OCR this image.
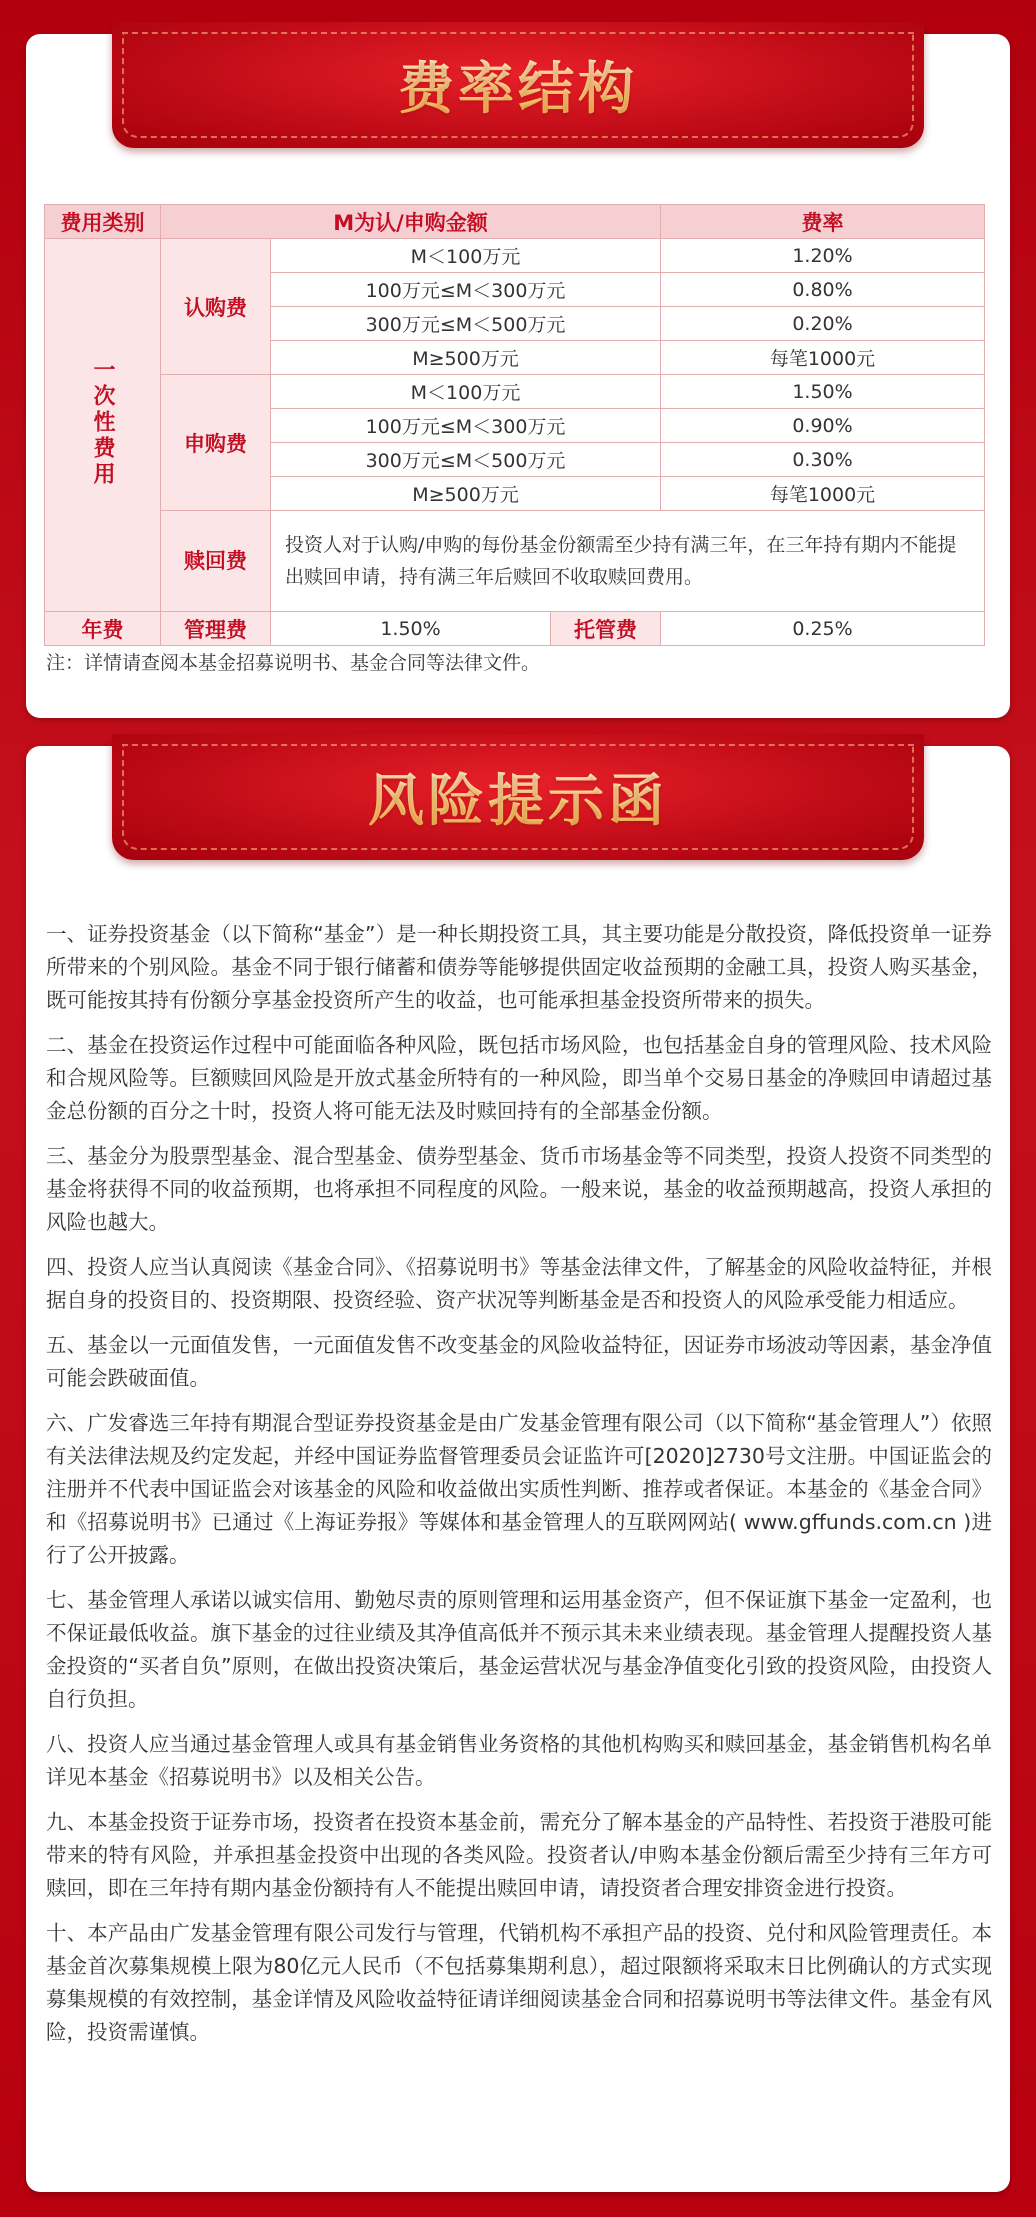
费率结构
费用类别	M为认/申购金额			费率
一次性费用	认购费	M＜100万元		1.20%
		100万元≤M＜300万元		0.80%
		300万元≤M＜500万元		0.20%
		M≥500万元		每笔1000元
	申购费	M＜100万元		1.50%
		100万元≤M＜300万元		0.90%
		300万元≤M＜500万元		0.30%
		M≥500万元		每笔1000元
	赎回费	投资人对于认购/申购的每份基金份额需至少持有满三年，在三年持有期内不能提出赎回申请，持有满三年后赎回不收取赎回费用。		
年费	管理费	1.50%	托管费	0.25%
注：详情请查阅本基金招募说明书、基金合同等法律文件。
风险提示函

一、证券投资基金（以下简称“基金”）是一种长期投资工具，其主要功能是分散投资，降低投资单一证券所带来的个别风险。基金不同于银行储蓄和债券等能够提供固定收益预期的金融工具，投资人购买基金，既可能按其持有份额分享基金投资所产生的收益，也可能承担基金投资所带来的损失。

二、基金在投资运作过程中可能面临各种风险，既包括市场风险，也包括基金自身的管理风险、技术风险和合规风险等。巨额赎回风险是开放式基金所特有的一种风险，即当单个交易日基金的净赎回申请超过基金总份额的百分之十时，投资人将可能无法及时赎回持有的全部基金份额。

三、基金分为股票型基金、混合型基金、债券型基金、货币市场基金等不同类型，投资人投资不同类型的基金将获得不同的收益预期，也将承担不同程度的风险。一般来说，基金的收益预期越高，投资人承担的风险也越大。

四、投资人应当认真阅读《基金合同》、《招募说明书》等基金法律文件，了解基金的风险收益特征，并根据自身的投资目的、投资期限、投资经验、资产状况等判断基金是否和投资人的风险承受能力相适应。

五、基金以一元面值发售，一元面值发售不改变基金的风险收益特征，因证券市场波动等因素，基金净值可能会跌破面值。

六、广发睿选三年持有期混合型证券投资基金是由广发基金管理有限公司（以下简称“基金管理人”）依照有关法律法规及约定发起，并经中国证券监督管理委员会证监许可[2020]2730号文注册。中国证监会的注册并不代表中国证监会对该基金的风险和收益做出实质性判断、推荐或者保证。本基金的《基金合同》和《招募说明书》已通过《上海证券报》等媒体和基金管理人的互联网网站( www.gffunds.com.cn )进行了公开披露。

七、基金管理人承诺以诚实信用、勤勉尽责的原则管理和运用基金资产，但不保证旗下基金一定盈利，也不保证最低收益。旗下基金的过往业绩及其净值高低并不预示其未来业绩表现。基金管理人提醒投资人基金投资的“买者自负”原则，在做出投资决策后，基金运营状况与基金净值变化引致的投资风险，由投资人自行负担。

八、投资人应当通过基金管理人或具有基金销售业务资格的其他机构购买和赎回基金，基金销售机构名单详见本基金《招募说明书》以及相关公告。

九、本基金投资于证券市场，投资者在投资本基金前，需充分了解本基金的产品特性、若投资于港股可能带来的特有风险，并承担基金投资中出现的各类风险。投资者认/申购本基金份额后需至少持有三年方可赎回，即在三年持有期内基金份额持有人不能提出赎回申请，请投资者合理安排资金进行投资。

十、本产品由广发基金管理有限公司发行与管理，代销机构不承担产品的投资、兑付和风险管理责任。本基金首次募集规模上限为80亿元人民币（不包括募集期利息），超过限额将采取末日比例确认的方式实现募集规模的有效控制，基金详情及风险收益特征请详细阅读基金合同和招募说明书等法律文件。基金有风险，投资需谨慎。
